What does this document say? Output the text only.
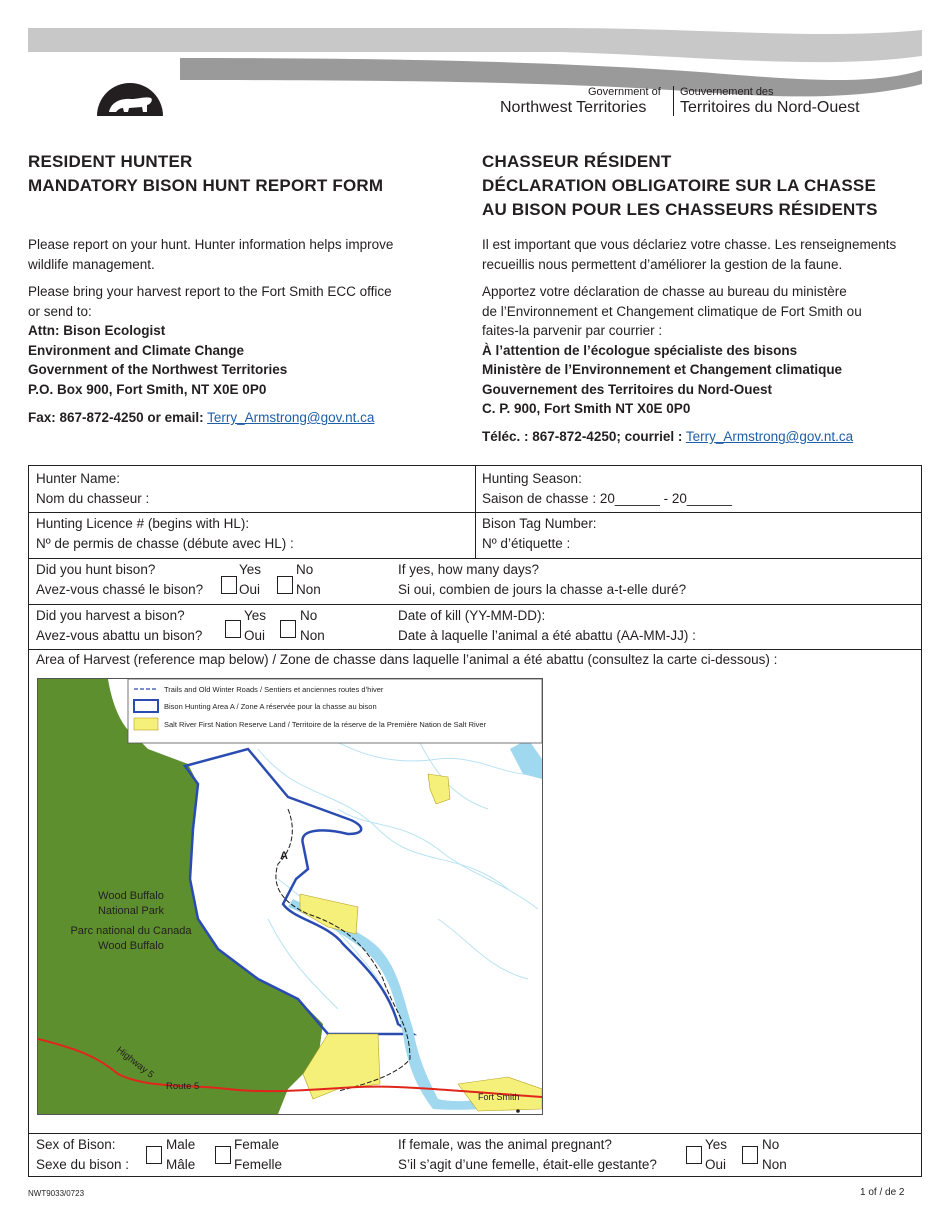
Government of
Northwest Territories
Gouvernement des
Territoires du Nord-Ouest
RESIDENT HUNTER
MANDATORY BISON HUNT REPORT FORM
Please report on your hunt. Hunter information helps improve
wildlife management.
Please bring your harvest report to the Fort Smith ECC office
or send to:
Attn: Bison Ecologist
Environment and Climate Change
Government of the Northwest Territories
P.O. Box 900, Fort Smith, NT X0E 0P0
Fax: 867-872-4250 or email: Terry_Armstrong@gov.nt.ca
CHASSEUR RÉSIDENT
DÉCLARATION OBLIGATOIRE SUR LA CHASSE
AU BISON POUR LES CHASSEURS RÉSIDENTS
Il est important que vous déclariez votre chasse. Les renseignements
recueillis nous permettent d’améliorer la gestion de la faune.
Apportez votre déclaration de chasse au bureau du ministère
de l’Environnement et Changement climatique de Fort Smith ou
faites-la parvenir par courrier :
À l’attention de l’écologue spécialiste des bisons
Ministère de l’Environnement et Changement climatique
Gouvernement des Territoires du Nord-Ouest
C. P. 900, Fort Smith NT X0E 0P0
Téléc. : 867-872-4250; courriel : Terry_Armstrong@gov.nt.ca
Hunter Name:
Nom du chasseur :
Hunting Season:
Saison de chasse : 20______ - 20______
Hunting Licence # (begins with HL):
Nº de permis de chasse (débute avec HL) :
Bison Tag Number:
Nº d’étiquette :
Did you hunt bison?
Avez-vous chassé le bison?
Yes
Oui
No
Non
If yes, how many days?
Si oui, combien de jours la chasse a-t-elle duré?
Did you harvest a bison?
Avez-vous abattu un bison?
Yes
Oui
No
Non
Date of kill (YY-MM-DD):
Date à laquelle l’animal a été abattu (AA-MM-JJ) :
Area of Harvest (reference map below) / Zone de chasse dans laquelle l’animal a été abattu (consultez la carte ci-dessous) :
Sex of Bison:
Sexe du bison :
Male
Mâle
Female
Femelle
If female, was the animal pregnant?
S’il s’agit d’une femelle, était-elle gestante?
Yes
Oui
No
Non
Trails and Old Winter Roads / Sentiers et anciennes routes d’hiver
Bison Hunting Area A / Zone A réservée pour la chasse au bison
Salt River First Nation Reserve Land / Territoire de la réserve de la Première Nation de Salt River
A
Wood Buffalo
National Park
Parc national du Canada
Wood Buffalo
Highway 5
Route 5
Fort Smith
NWT9033/0723	1 of / de 2
